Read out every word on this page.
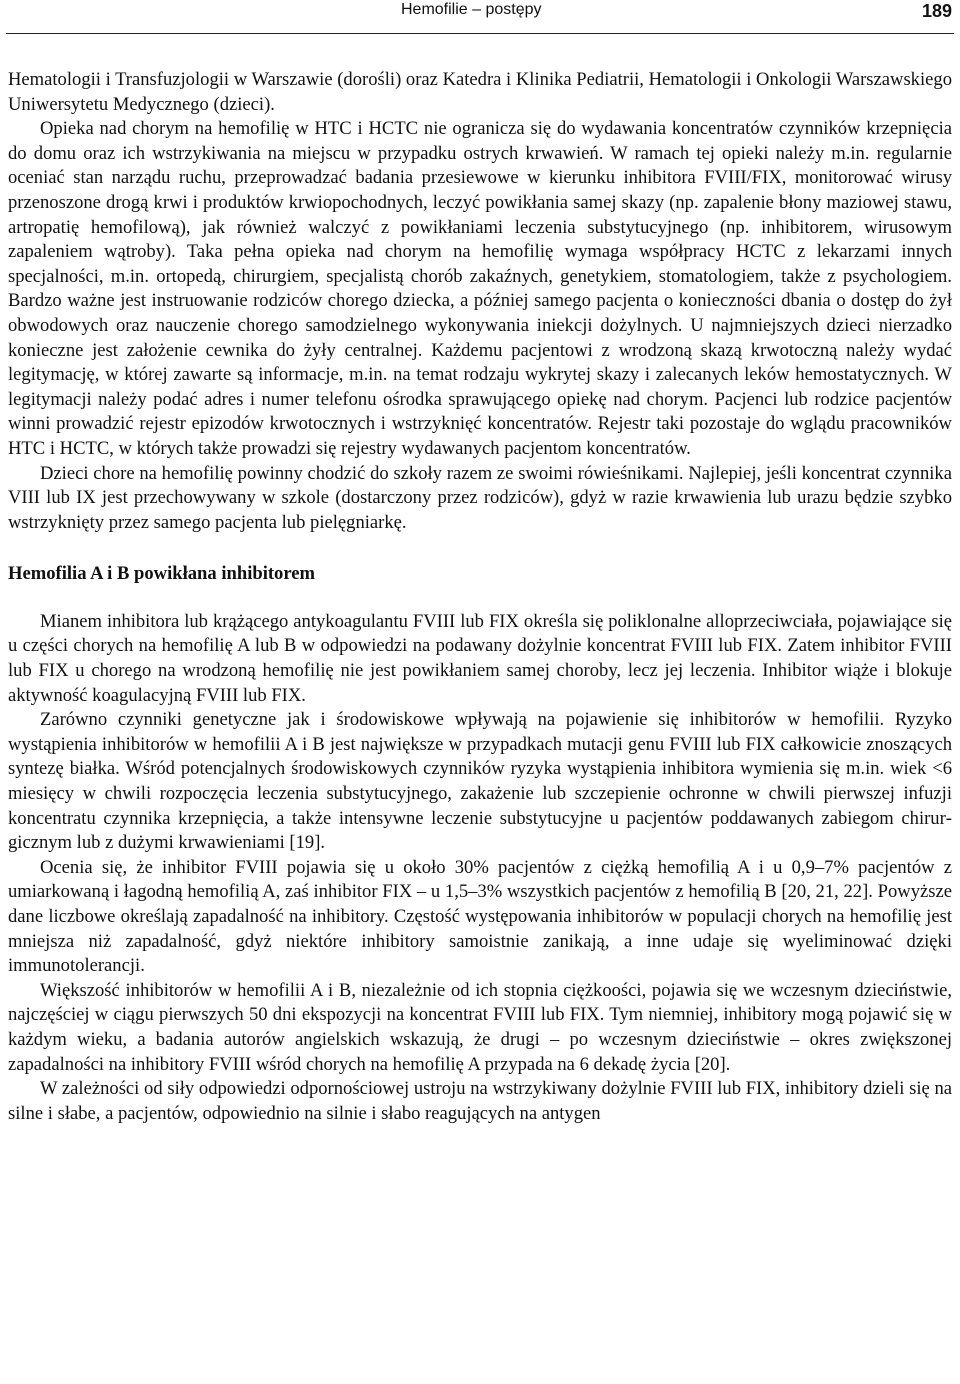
Hemofilie – postępy	189

Hematologii i Transfuzjologii w Warszawie (dorośli) oraz Katedra i Klinika Pediatrii, Hematologii i Onkologii Warszawskiego Uniwersytetu Medycznego (dzieci).

Opieka nad chorym na hemofilię w HTC i HCTC nie ogranicza się do wydawania koncentratów czynników krzepnięcia do domu oraz ich wstrzykiwania na miejscu w przypadku ostrych krwawień. W ramach tej opieki należy m.in. regularnie oceniać stan narządu ruchu, przeprowadzać badania przesiewowe w kierunku inhibitora FVIII/FIX, monitorować wirusy przenoszone drogą krwi i produktów krwiopochodnych, leczyć powikłania samej skazy (np. zapalenie błony maziowej stawu, artropatię hemofilową), jak również walczyć z powikłaniami leczenia substytucyjnego (np. inhibitorem, wirusowym zapaleniem wątroby). Taka pełna opieka nad chorym na hemofilię wymaga współpracy HCTC z lekarzami innych specjalności, m.in. ortopedą, chirurgiem, specjalistą chorób zakaźnych, genetykiem, stomatologiem, także z psychologiem. Bardzo ważne jest instruowanie rodziców chorego dziecka, a później samego pacjenta o konieczności dbania o dostęp do żył obwodowych oraz nauczenie chorego samodzielnego wykonywania iniekcji dożylnych. U najmniejszych dzieci nierzadko konieczne jest założenie cewnika do żyły centralnej. Każdemu pacjentowi z wrodzoną skazą krwotoczną należy wydać legitymację, w której zawarte są informacje, m.in. na temat rodzaju wykrytej skazy i zalecanych leków hemostatycznych. W legitymacji należy podać adres i numer telefonu ośrodka sprawującego opiekę nad chorym. Pacjenci lub rodzice pacjentów winni prowadzić rejestr epizodów krwotocznych i wstrzyknięć koncentratów. Rejestr taki pozostaje do wglądu pracowników HTC i HCTC, w których także prowadzi się rejestry wydawanych pacjentom koncentratów.

Dzieci chore na hemofilię powinny chodzić do szkoły razem ze swoimi rówieśnikami. Najlepiej, jeśli koncentrat czynnika VIII lub IX jest przechowywany w szkole (dostarczony przez rodziców), gdyż w razie krwawienia lub urazu będzie szybko wstrzyknięty przez samego pacjenta lub pielęgniarkę.

Hemofilia A i B powikłana inhibitorem

Mianem inhibitora lub krążącego antykoagulantu FVIII lub FIX określa się poliklonalne alloprzeciwciała, pojawiające się u części chorych na hemofilię A lub B w odpowiedzi na podawany dożylnie koncentrat FVIII lub FIX. Zatem inhibitor FVIII lub FIX u chorego na wrodzoną hemofilię nie jest powikłaniem samej choroby, lecz jej leczenia. Inhibitor wiąże i blokuje aktywność koagulacyjną FVIII lub FIX.

Zarówno czynniki genetyczne jak i środowiskowe wpływają na pojawienie się inhibitorów w hemofilii. Ryzyko wystąpienia inhibitorów w hemofilii A i B jest największe w przypadkach mutacji genu FVIII lub FIX całkowicie znoszących syntezę białka. Wśród potencjalnych środowiskowych czynników ryzyka wystąpienia inhibitora wymienia się m.in. wiek <6 miesięcy w chwili rozpoczęcia leczenia substytucyjnego, zakażenie lub szczepienie ochronne w chwili pierwszej infuzji koncentratu czynnika krzepnięcia, a także intensywne leczenie substytucyjne u pacjentów poddawanych zabiegom chirurgicznym lub z dużymi krwawieniami [19].

Ocenia się, że inhibitor FVIII pojawia się u około 30% pacjentów z ciężką hemofilią A i u 0,9–7% pacjentów z umiarkowaną i łagodną hemofilią A, zaś inhibitor FIX – u 1,5–3% wszystkich pacjentów z hemofilią B [20, 21, 22]. Powyższe dane liczbowe określają zapadalność na inhibitory. Częstość występowania inhibitorów w populacji chorych na hemofilię jest mniejsza niż zapadalność, gdyż niektóre inhibitory samoistnie zanikają, a inne udaje się wyeliminować dzięki immunotolerancji.

Większość inhibitorów w hemofilii A i B, niezależnie od ich stopnia ciężkoości, pojawia się we wczesnym dzieciństwie, najczęściej w ciągu pierwszych 50 dni ekspozycji na koncentrat FVIII lub FIX. Tym niemniej, inhibitory mogą pojawić się w każdym wieku, a badania autorów angielskich wskazują, że drugi – po wczesnym dzieciństwie – okres zwiększonej zapadalności na inhibitory FVIII wśród chorych na hemofilię A przypada na 6 dekadę życia [20].

W zależności od siły odpowiedzi odpornościowej ustroju na wstrzykiwany dożylnie FVIII lub FIX, inhibitory dzieli się na silne i słabe, a pacjentów, odpowiednio na silnie i słabo reagujących na antygen
